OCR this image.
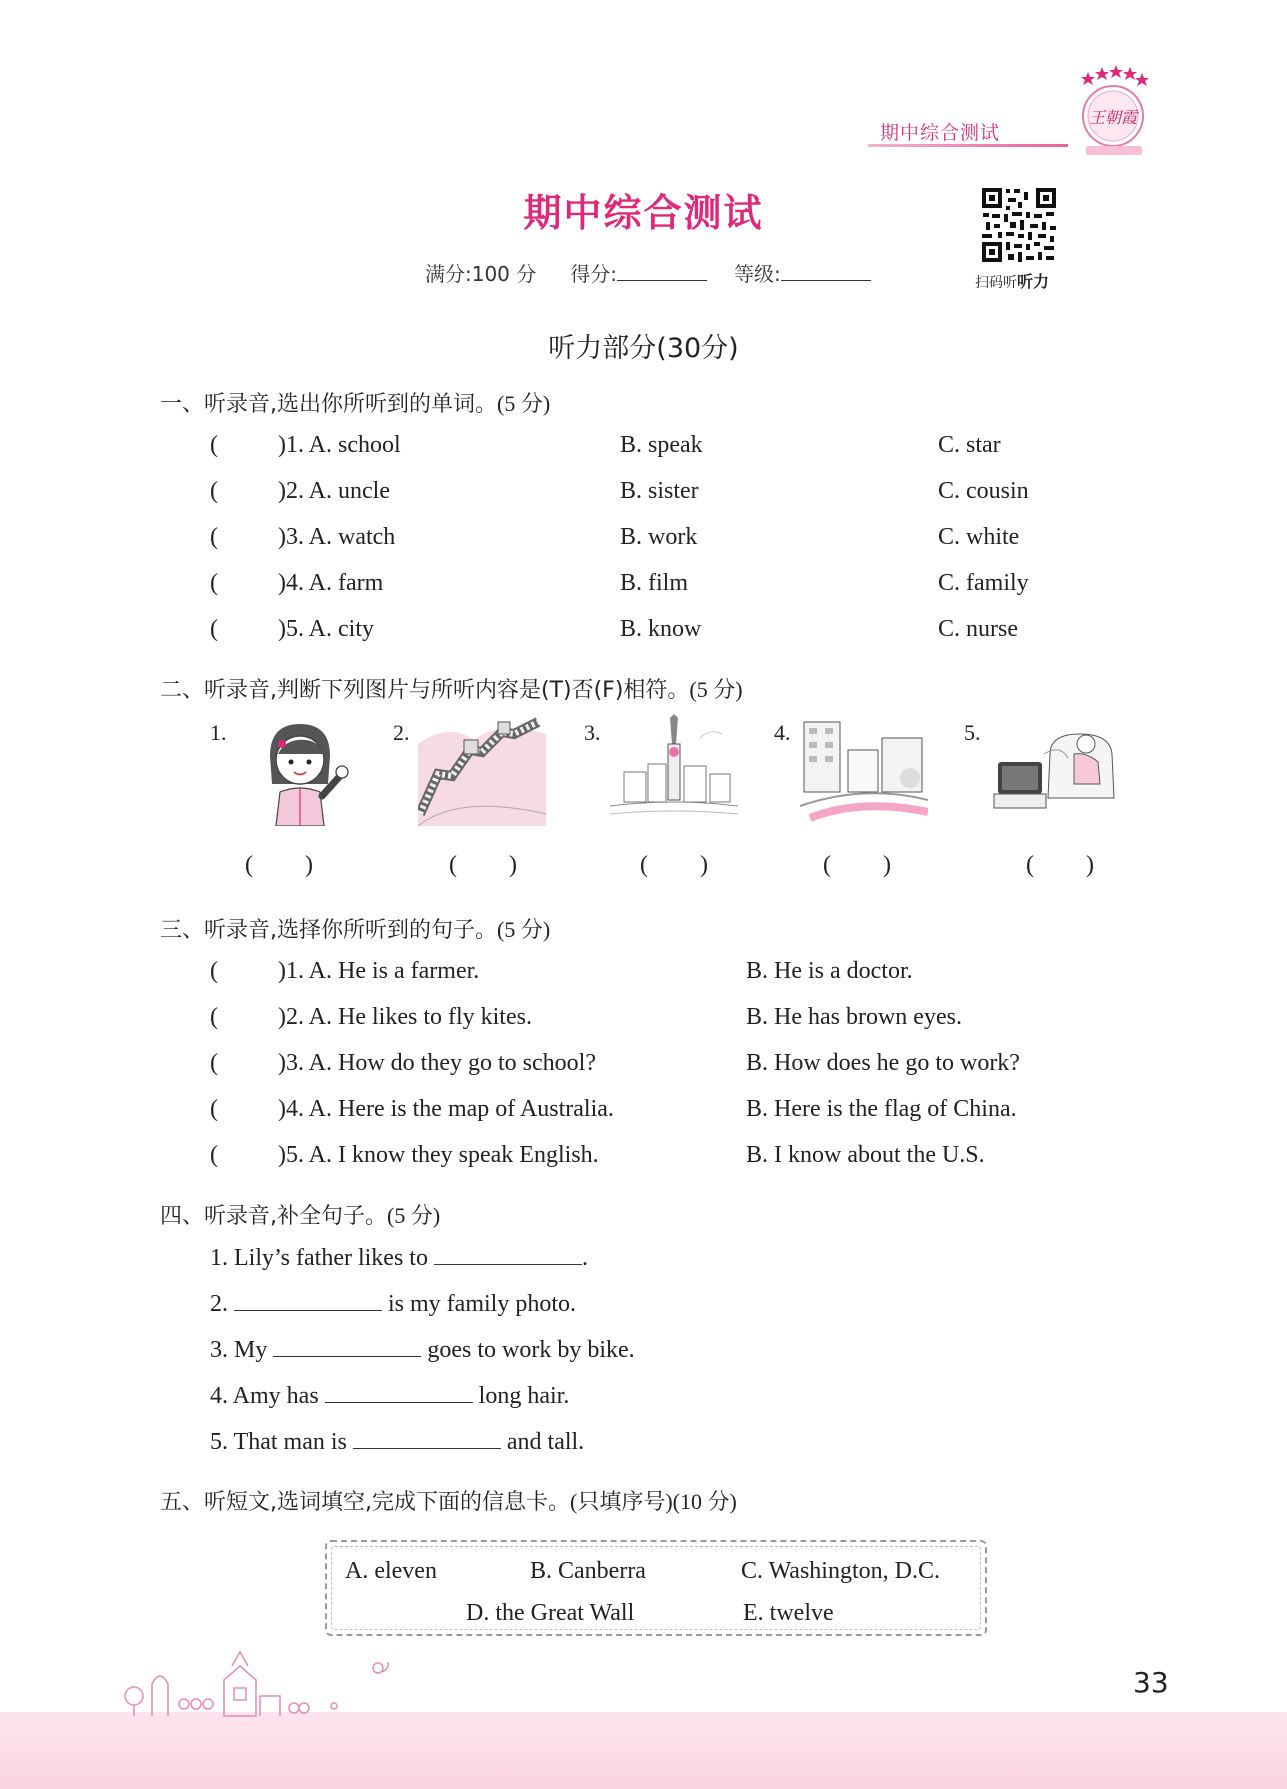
期中综合测试
王朝霞
期中综合测试
满分:100 分 得分:	等级:	扫码听听力
听力部分(30分)
一、听录音,选出你所听到的单词。(5 分)
(	)1. A. school	B. speak	C. star
(	)2. A. uncle	B. sister	C. cousin
(	)3. A. watch	B. work	C. white
(	)4. A. farm	B. film	C. family
(	)5. A. city	B. know	C. nurse
二、听录音,判断下列图片与所听内容是(T)否(F)相符。(5 分)
1.	2.	3.	4.	5.
( )	( )	( )	( )	( )
三、听录音,选择你所听到的句子。(5 分)
(	)1. A. He is a farmer.	B. He is a doctor.
(	)2. A. He likes to fly kites.	B. He has brown eyes.
(	)3. A. How do they go to school?	B. How does he go to work?
(	)4. A. Here is the map of Australia.	B. Here is the flag of China.
(	)5. A. I know they speak English.	B. I know about the U.S.
四、听录音,补全句子。(5 分)
1. Lily’s father likes to	.
2.	is my family photo.
3. My	goes to work by bike.
4. Amy has	long hair.
5. That man is	and tall.
五、听短文,选词填空,完成下面的信息卡。(只填序号)(10 分)
A. eleven	B. Canberra	C. Washington, D.C.
D. the Great Wall	E. twelve
33
